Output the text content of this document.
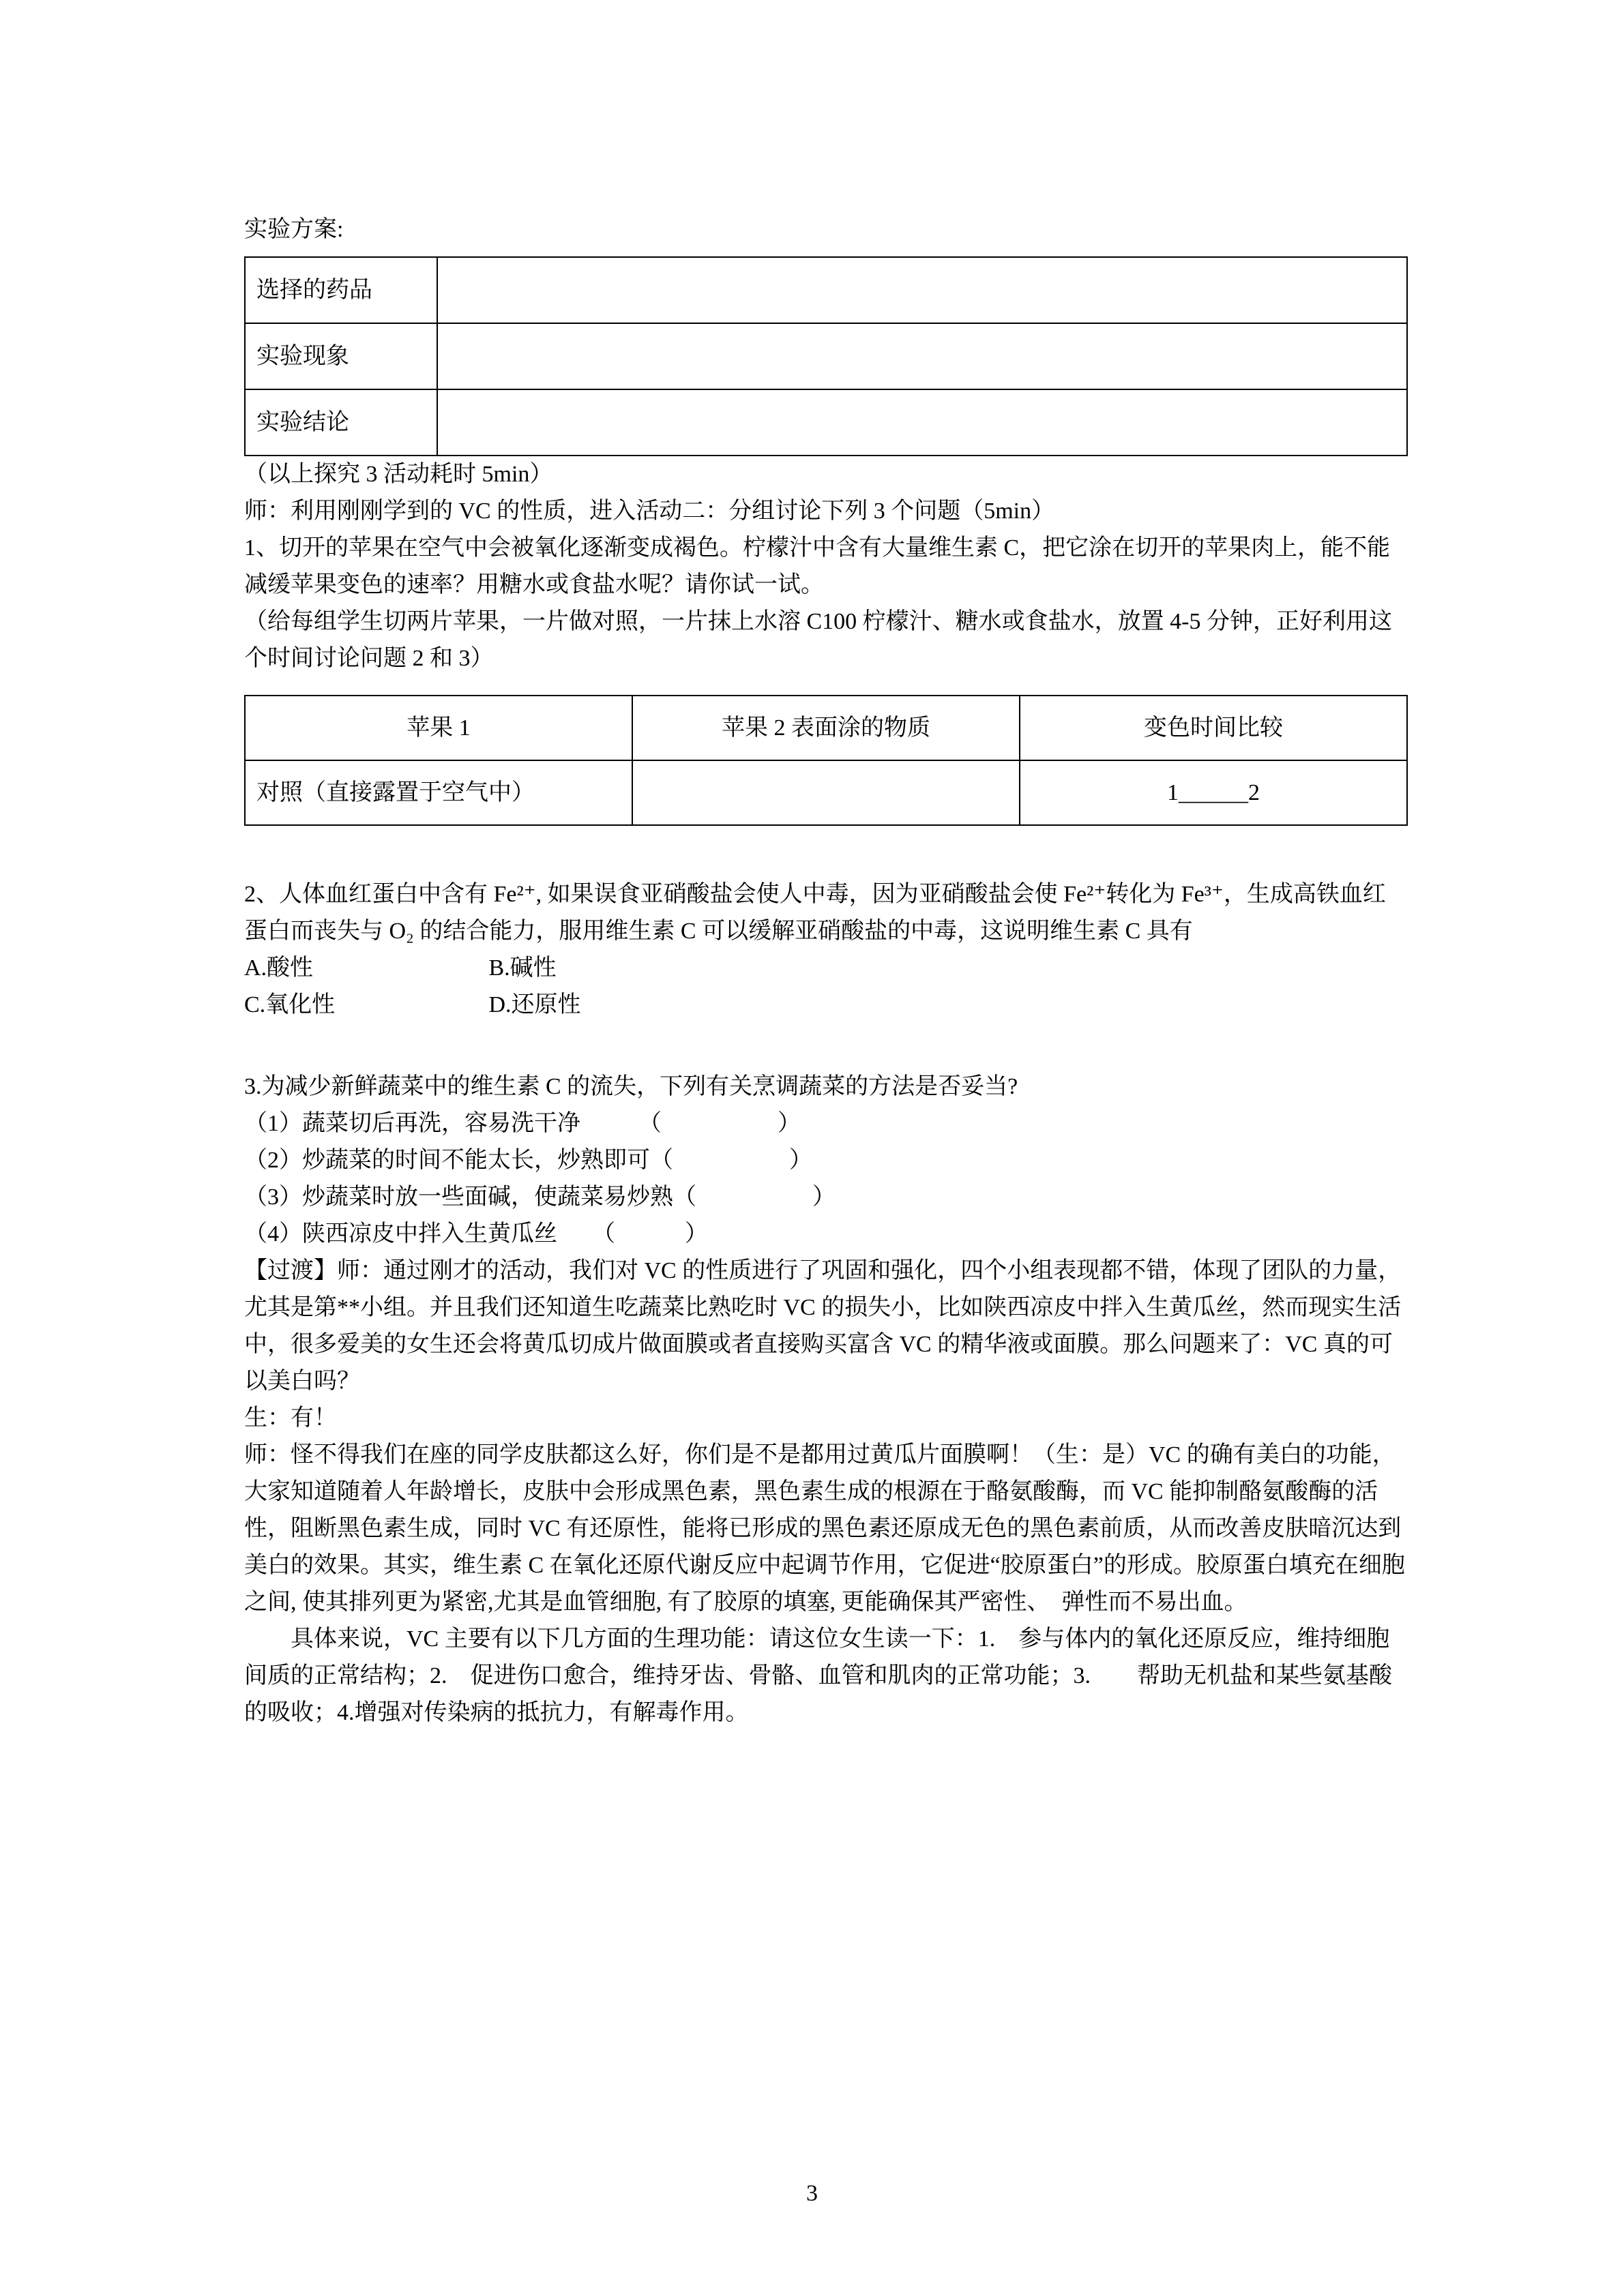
实验方案:

选择的药品	
实验现象	
实验结论	

（以上探究 3 活动耗时 5min）

师：利用刚刚学到的 VC 的性质，进入活动二：分组讨论下列 3 个问题（5min）

1、切开的苹果在空气中会被氧化逐渐变成褐色。柠檬汁中含有大量维生素 C，把它涂在切开的苹果肉上，能不能减缓苹果变色的速率？用糖水或食盐水呢？请你试一试。

（给每组学生切两片苹果，一片做对照，一片抹上水溶 C100 柠檬汁、糖水或食盐水，放置 4-5 分钟，正好利用这个时间讨论问题 2 和 3）

苹果 1	苹果 2 表面涂的物质	变色时间比较
对照（直接露置于空气中）		1______2

2、人体血红蛋白中含有 Fe²⁺, 如果误食亚硝酸盐会使人中毒，因为亚硝酸盐会使 Fe²⁺转化为 Fe³⁺，生成高铁血红蛋白而丧失与 O₂ 的结合能力，服用维生素 C 可以缓解亚硝酸盐的中毒，这说明维生素 C 具有

A.酸性	B.碱性
C.氧化性	D.还原性

3.为减少新鲜蔬菜中的维生素 C 的流失，下列有关烹调蔬菜的方法是否妥当?

（1）蔬菜切后再洗，容易洗干净　　　（　　　　　）

（2）炒蔬菜的时间不能太长，炒熟即可（　　　　　）

（3）炒蔬菜时放一些面碱，使蔬菜易炒熟（　　　　　）

（4）陕西凉皮中拌入生黄瓜丝　　（　　　）

【过渡】师：通过刚才的活动，我们对 VC 的性质进行了巩固和强化，四个小组表现都不错，体现了团队的力量，尤其是第**小组。并且我们还知道生吃蔬菜比熟吃时 VC 的损失小，比如陕西凉皮中拌入生黄瓜丝，然而现实生活中，很多爱美的女生还会将黄瓜切成片做面膜或者直接购买富含 VC 的精华液或面膜。那么问题来了：VC 真的可以美白吗？

生：有！

师：怪不得我们在座的同学皮肤都这么好，你们是不是都用过黄瓜片面膜啊！（生：是）VC 的确有美白的功能，大家知道随着人年龄增长，皮肤中会形成黑色素，黑色素生成的根源在于酪氨酸酶，而 VC 能抑制酪氨酸酶的活性，阻断黑色素生成，同时 VC 有还原性，能将已形成的黑色素还原成无色的黑色素前质，从而改善皮肤暗沉达到美白的效果。其实，维生素 C 在氧化还原代谢反应中起调节作用，它促进“胶原蛋白”的形成。胶原蛋白填充在细胞之间, 使其排列更为紧密,尤其是血管细胞, 有了胶原的填塞, 更能确保其严密性、　弹性而不易出血。

具体来说，VC 主要有以下几方面的生理功能：请这位女生读一下：1.　参与体内的氧化还原反应，维持细胞间质的正常结构；2.　促进伤口愈合，维持牙齿、骨骼、血管和肌肉的正常功能；3.　　帮助无机盐和某些氨基酸的吸收；4.增强对传染病的抵抗力，有解毒作用。

3
